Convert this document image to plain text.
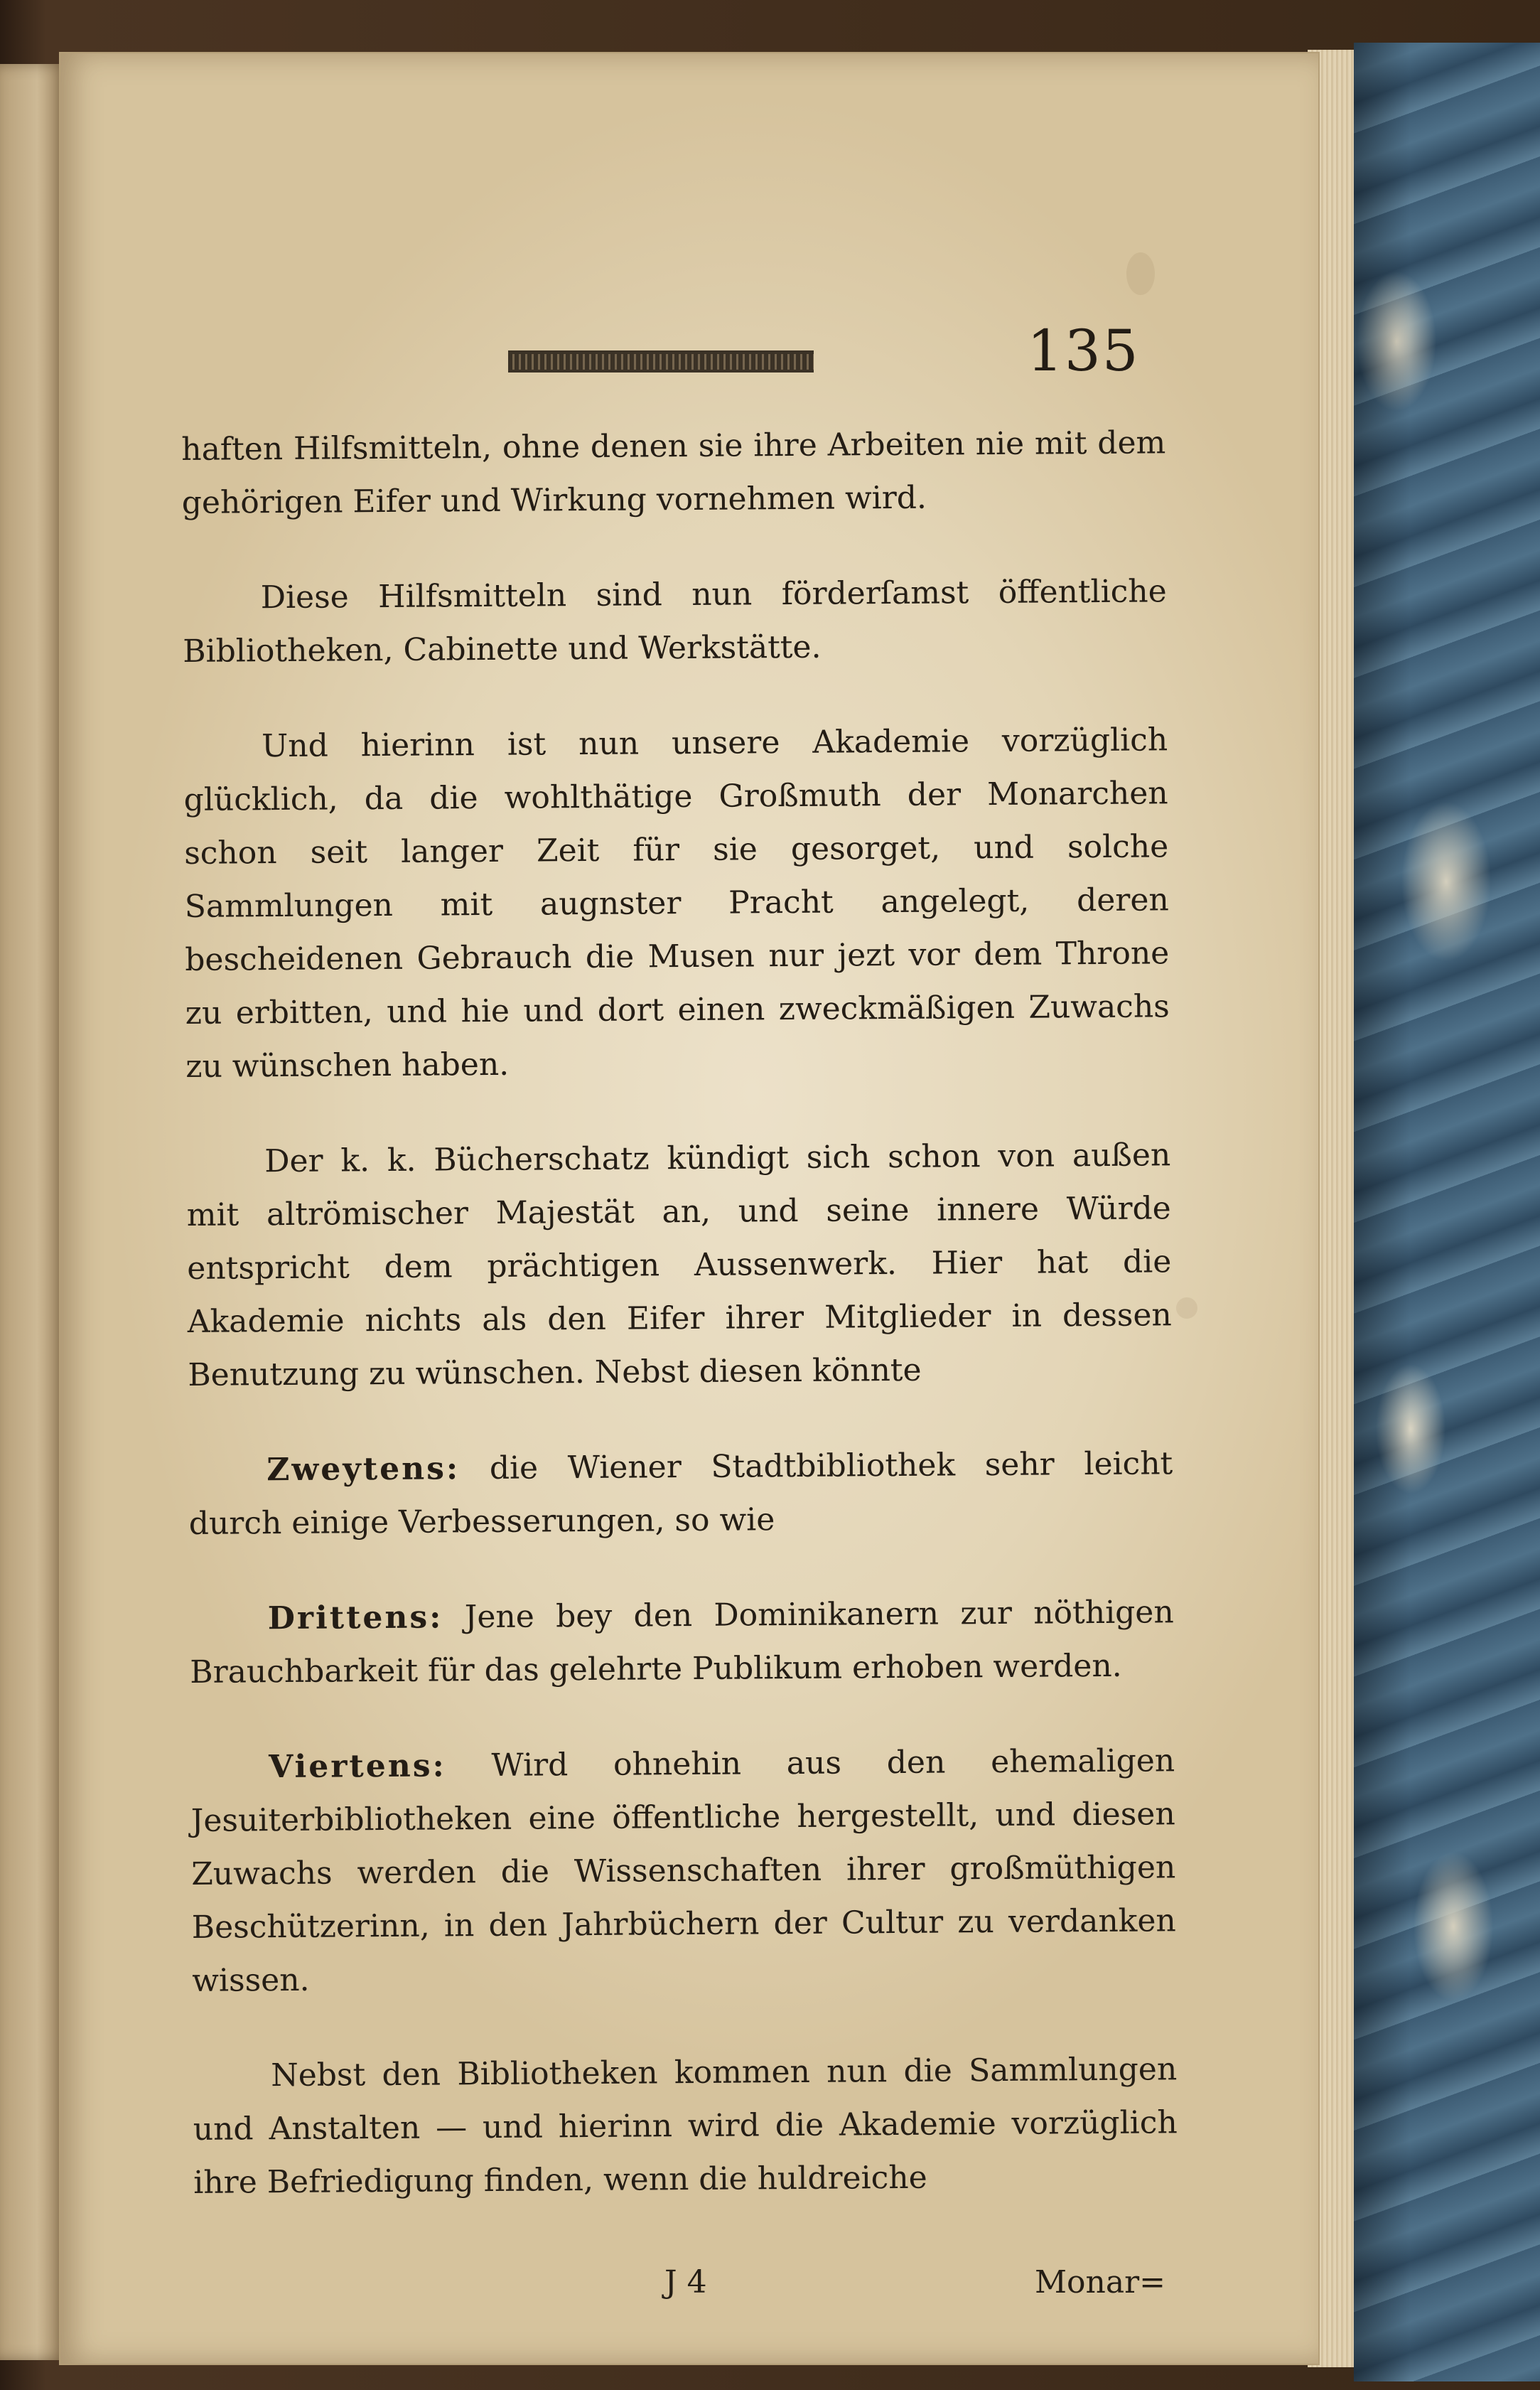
135

haften Hilfsmitteln, ohne denen sie ihre Arbeiten nie mit dem gehörigen Eifer und Wirkung vornehmen wird.

Diese Hilfsmitteln sind nun förderſamst öffentliche Bibliotheken, Cabinette und Werkstätte.

Und hierinn ist nun unsere Akademie vorzüglich glücklich, da die wohlthätige Großmuth der Monarchen schon seit langer Zeit für sie gesorget, und solche Sammlungen mit augnster Pracht angelegt, deren bescheidenen Gebrauch die Musen nur jezt vor dem Throne zu erbitten, und hie und dort einen zweckmäßigen Zuwachs zu wünschen haben.

Der k. k. Bücherschatz kündigt sich schon von außen mit altrömischer Majestät an, und seine innere Würde entspricht dem prächtigen Aussenwerk. Hier hat die Akademie nichts als den Eifer ihrer Mitglieder in dessen Benutzung zu wünschen. Nebst diesen könnte

Zweytens: die Wiener Stadtbibliothek sehr leicht durch einige Verbesserungen, so wie

Drittens: Jene bey den Dominikanern zur nöthigen Brauchbarkeit für das gelehrte Publikum erhoben werden.

Viertens: Wird ohnehin aus den ehemaligen Jesuiterbibliotheken eine öffentliche hergestellt, und diesen Zuwachs werden die Wissenschaften ihrer großmüthigen Beschützerinn, in den Jahrbüchern der Cultur zu verdanken wissen.

Nebst den Bibliotheken kommen nun die Sammlungen und Anstalten — und hierinn wird die Akademie vorzüglich ihre Befriedigung finden, wenn die huldreiche

J 4	Monar=
